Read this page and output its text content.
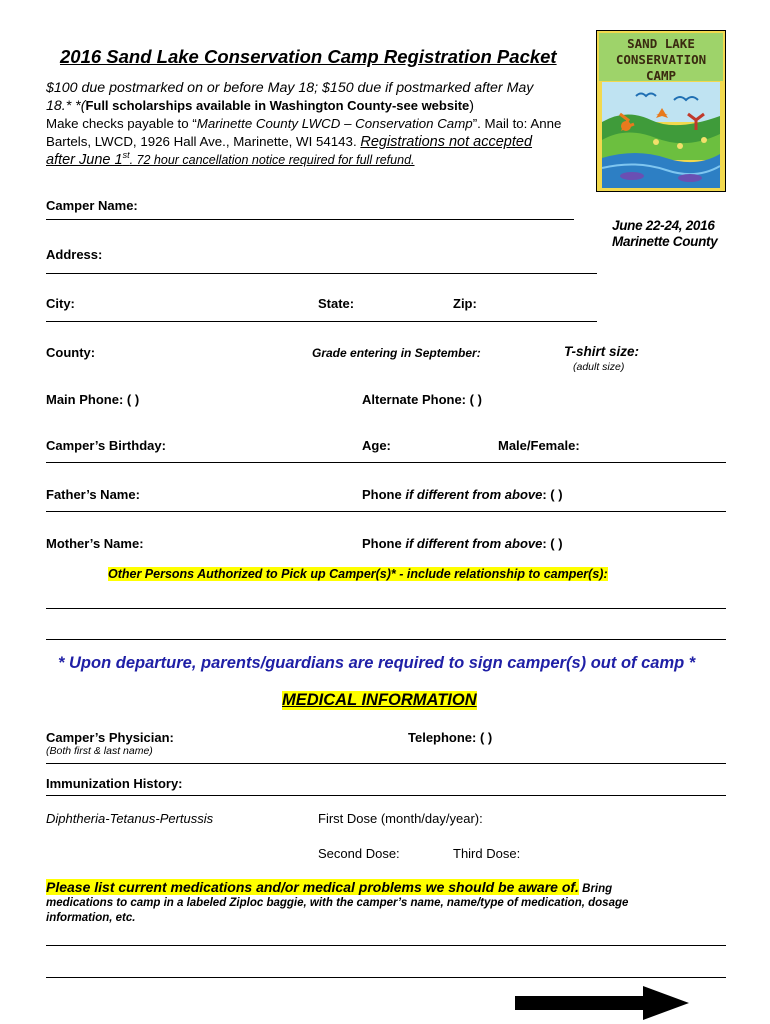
2016 Sand Lake Conservation Camp Registration Packet
$100 due postmarked on or before May 18; $150 due if postmarked after May
18.* *(Full scholarships available in Washington County-see website)
Make checks payable to “Marinette County LWCD – Conservation Camp”. Mail to: Anne
Bartels, LWCD, 1926 Hall Ave., Marinette, WI 54143. Registrations not accepted
after June 1st. 72 hour cancellation notice required for full refund.
SAND LAKE
CONSERVATION
CAMP
June 22-24, 2016
Marinette County
Camper Name:
Address:
City:	State:	Zip:
County:	Grade entering in September:	T-shirt size:
(adult size)
Main Phone: ( )	Alternate Phone: ( )
Camper’s Birthday:	Age:	Male/Female:
Father’s Name:	Phone if different from above: ( )
Mother’s Name:	Phone if different from above: ( )
Other Persons Authorized to Pick up Camper(s)* - include relationship to camper(s):
* Upon departure, parents/guardians are required to sign camper(s) out of camp *
MEDICAL INFORMATION
Camper’s Physician:
(Both first & last name)
Telephone: ( )
Immunization History:
Diphtheria-Tetanus-Pertussis	First Dose (month/day/year):
Second Dose:	Third Dose:
Please list current medications and/or medical problems we should be aware of. Bring
medications to camp in a labeled Ziploc baggie, with the camper’s name, name/type of medication, dosage
information, etc.
